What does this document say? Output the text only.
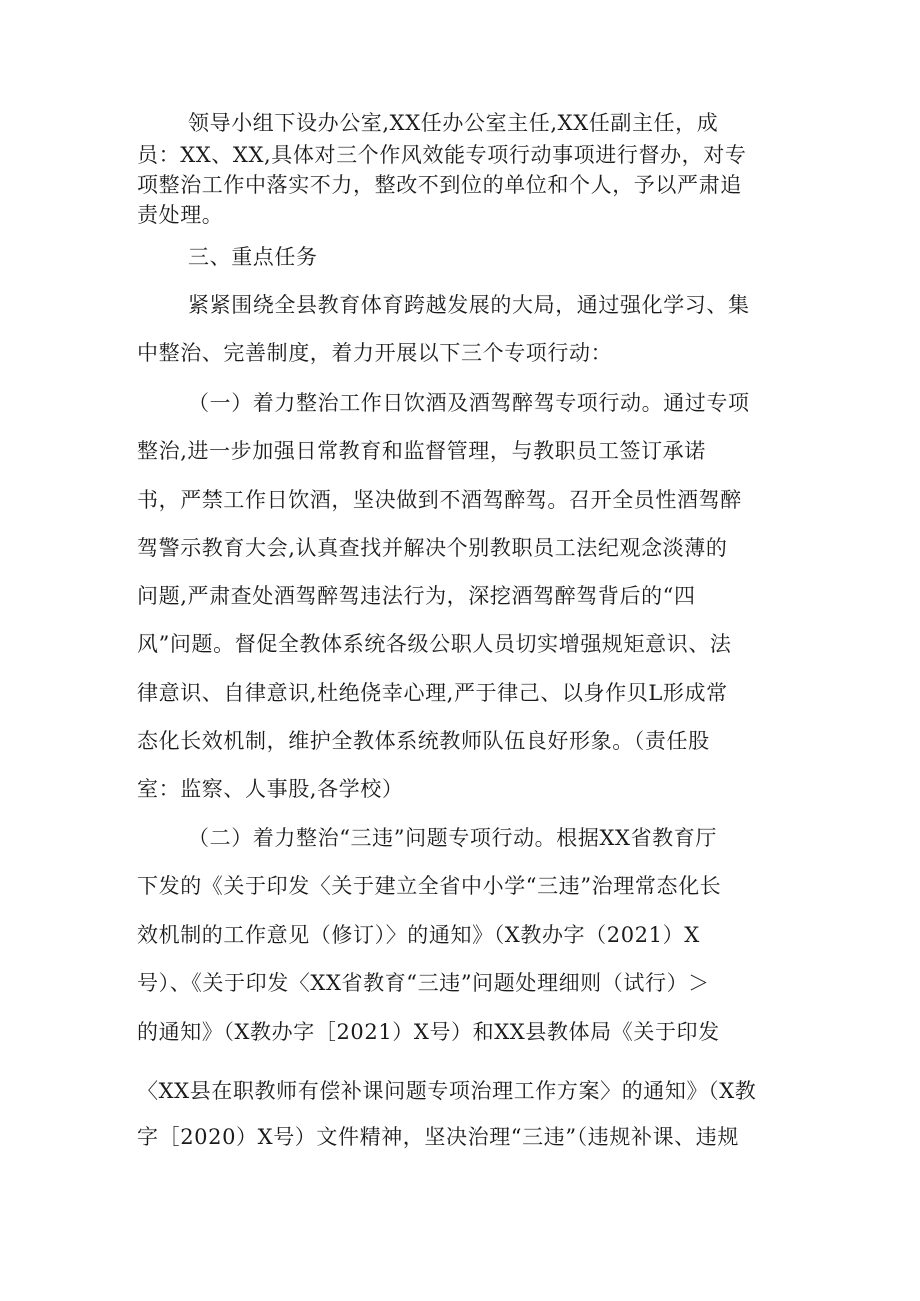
领导小组下设办公室,XX任办公室主任,XX任副主任，成
员：XX、XX,具体对三个作风效能专项行动事项进行督办，对专
项整治工作中落实不力，整改不到位的单位和个人，予以严肃追
责处理。
三、重点任务
紧紧围绕全县教育体育跨越发展的大局，通过强化学习、集
中整治、完善制度，着力开展以下三个专项行动：
（一）着力整治工作日饮酒及酒驾醉驾专项行动。通过专项
整治,进一步加强日常教育和监督管理，与教职员工签订承诺
书，严禁工作日饮酒，坚决做到不酒驾醉驾。召开全员性酒驾醉
驾警示教育大会,认真查找并解决个别教职员工法纪观念淡薄的
问题,严肃查处酒驾醉驾违法行为，深挖酒驾醉驾背后的“四
风”问题。督促全教体系统各级公职人员切实增强规矩意识、法
律意识、自律意识,杜绝侥幸心理,严于律己、以身作贝L形成常
态化长效机制，维护全教体系统教师队伍良好形象。（责任股
室：监察、人事股,各学校）
（二）着力整治“三违”问题专项行动。根据XX省教育厅
下发的《关于印发〈关于建立全省中小学“三违”治理常态化长
效机制的工作意见（修订）〉的通知》（X教办字（2021）X
号）、《关于印发〈XX省教育“三违”问题处理细则（试行）＞
的通知》（X教办字［2021）X号）和XX县教体局《关于印发
〈XX县在职教师有偿补课问题专项治理工作方案〉的通知》（X教
字［2020）X号）文件精神，坚决治理“三违”（违规补课、违规
